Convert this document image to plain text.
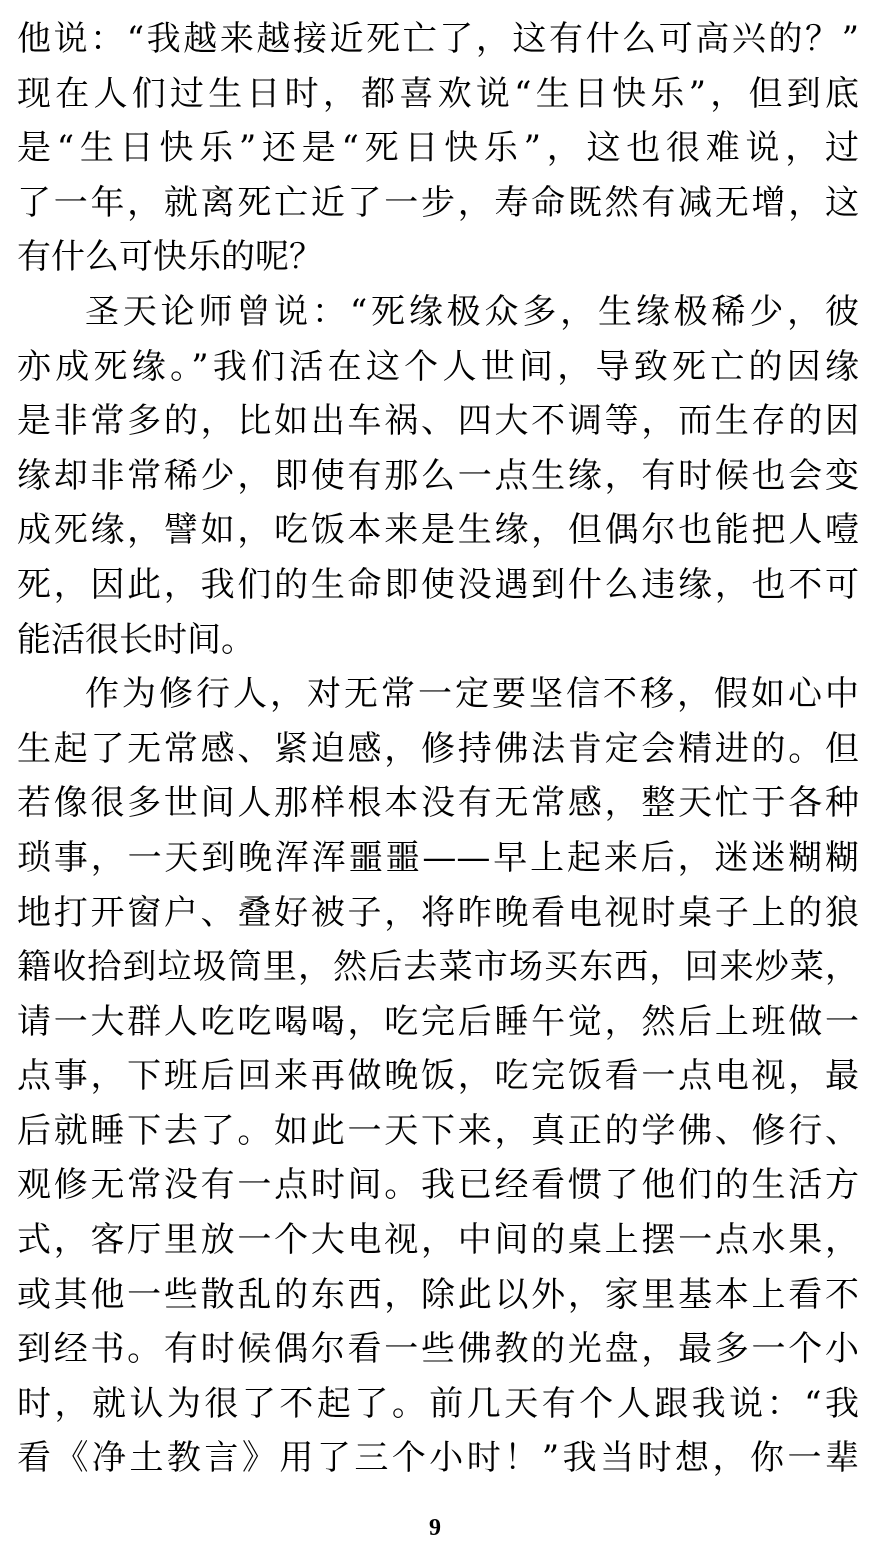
他说：“我越来越接近死亡了，这有什么可高兴的？”
现在人们过生日时，都喜欢说“生日快乐”，但到底
是“生日快乐”还是“死日快乐”，这也很难说，过
了一年，就离死亡近了一步，寿命既然有减无增，这
有什么可快乐的呢？
圣天论师曾说：“死缘极众多，生缘极稀少，彼
亦成死缘。”我们活在这个人世间，导致死亡的因缘
是非常多的，比如出车祸、四大不调等，而生存的因
缘却非常稀少，即使有那么一点生缘，有时候也会变
成死缘，譬如，吃饭本来是生缘，但偶尔也能把人噎
死，因此，我们的生命即使没遇到什么违缘，也不可
能活很长时间。
作为修行人，对无常一定要坚信不移，假如心中
生起了无常感、紧迫感，修持佛法肯定会精进的。但
若像很多世间人那样根本没有无常感，整天忙于各种
琐事，一天到晚浑浑噩噩——早上起来后，迷迷糊糊
地打开窗户、叠好被子，将昨晚看电视时桌子上的狼
籍收拾到垃圾筒里，然后去菜市场买东西，回来炒菜，
请一大群人吃吃喝喝，吃完后睡午觉，然后上班做一
点事，下班后回来再做晚饭，吃完饭看一点电视，最
后就睡下去了。如此一天下来，真正的学佛、修行、
观修无常没有一点时间。我已经看惯了他们的生活方
式，客厅里放一个大电视，中间的桌上摆一点水果，
或其他一些散乱的东西，除此以外，家里基本上看不
到经书。有时候偶尔看一些佛教的光盘，最多一个小
时，就认为很了不起了。前几天有个人跟我说：“我
看《净土教言》用了三个小时！”我当时想，你一辈
9
